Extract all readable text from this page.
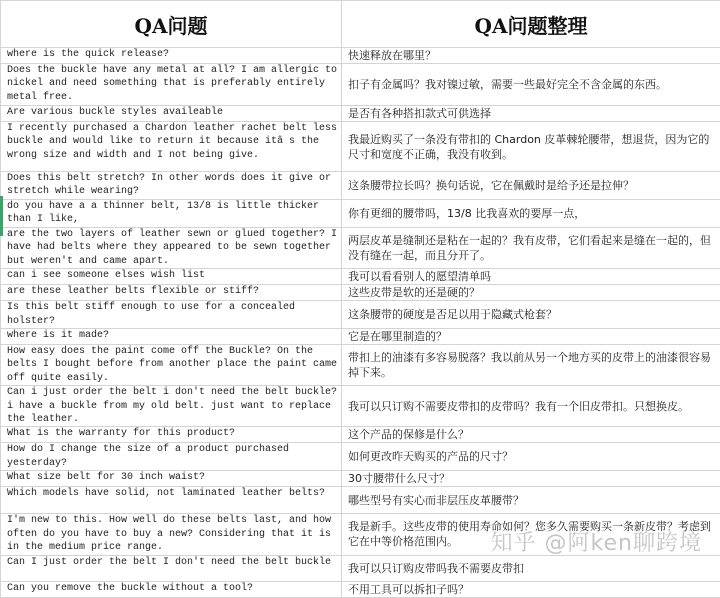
QA问题	QA问题整理
where is the quick release?	快速释放在哪里？
Does the buckle have any metal at all? I am allergic to nickel and need something that is preferably entirely metal free.	扣子有金属吗？我对镍过敏，需要一些最好完全不含金属的东西。
Are various buckle styles availeable	是否有各种搭扣款式可供选择
I recently purchased a Chardon leather rachet belt less buckle and would like to return it because itâ s the wrong size and width and I not being give.	我最近购买了一条没有带扣的 Chardon 皮革棘轮腰带，想退货，因为它的尺寸和宽度不正确，我没有收到。
Does this belt stretch? In other words does it give or stretch while wearing?	这条腰带拉长吗？换句话说，它在佩戴时是给予还是拉伸？
do you have a a thinner belt, 13/8 is little thicker than I like,	你有更细的腰带吗，13/8 比我喜欢的要厚一点，
are the two layers of leather sewn or glued together? I have had belts where they appeared to be sewn together but weren't and came apart.	两层皮革是缝制还是粘在一起的？我有皮带，它们看起来是缝在一起的，但没有缝在一起，而且分开了。
can i see someone elses wish list	我可以看看别人的愿望清单吗
are these leather belts flexible or stiff?	这些皮带是软的还是硬的？
Is this belt stiff enough to use for a concealed holster?	这条腰带的硬度是否足以用于隐藏式枪套？
where is it made?	它是在哪里制造的？
How easy does the paint come off the Buckle? On the belts I bought before from another place the paint came off quite easily.	带扣上的油漆有多容易脱落？我以前从另一个地方买的皮带上的油漆很容易掉下来。
Can i just order the belt i don't need the belt buckle? i have a buckle from my old belt. just want to replace the leather.	我可以只订购不需要皮带扣的皮带吗？我有一个旧皮带扣。只想换皮。
What is the warranty for this product?	这个产品的保修是什么？
How do I change the size of a product purchased yesterday?	如何更改昨天购买的产品的尺寸？
What size belt for 30 inch waist?	30寸腰带什么尺寸？
Which models have solid, not laminated leather belts?	哪些型号有实心而非层压皮革腰带？
I'm new to this. How well do these belts last, and how often do you have to buy a new? Considering that it is in the medium price range.	我是新手。这些皮带的使用寿命如何？您多久需要购买一条新皮带？考虑到它在中等价格范围内。
Can I just order the belt I don't need the belt buckle	我可以只订购皮带吗我不需要皮带扣
Can you remove the buckle without a tool?	不用工具可以拆扣子吗？
知乎 @阿ken聊跨境
